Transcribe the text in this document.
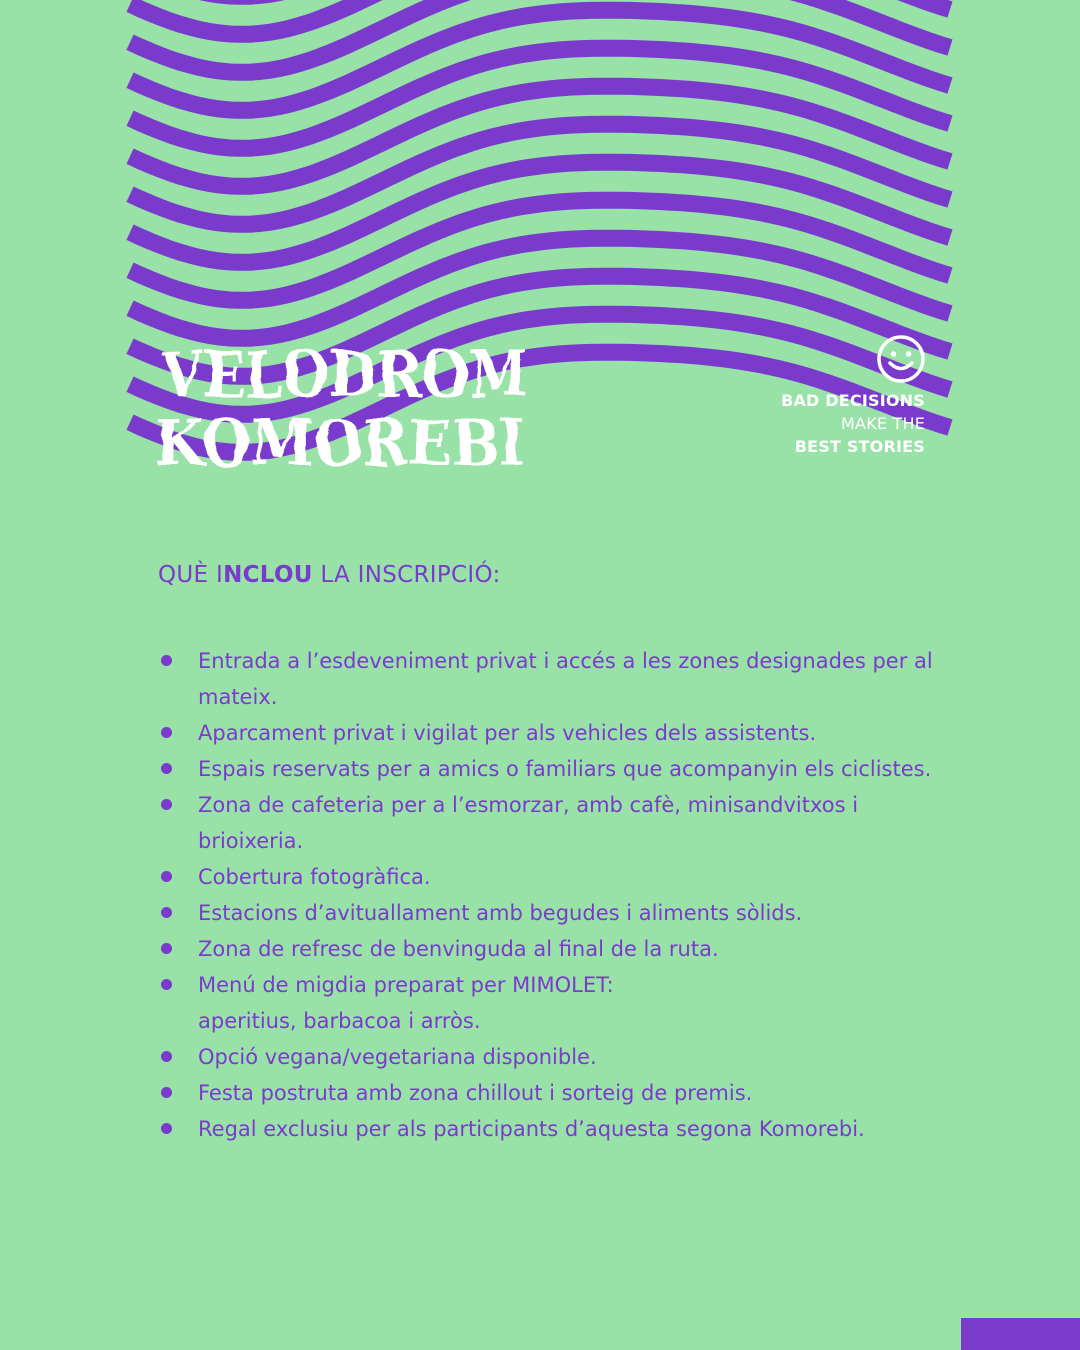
VELODROM
KOMOREBI
BAD DECISIONS
MAKE THE
BEST STORIES
QUÈ INCLOU LA INSCRIPCIÓ:
Entrada a l’esdeveniment privat i accés a les zones designades per al
mateix.
Aparcament privat i vigilat per als vehicles dels assistents.
Espais reservats per a amics o familiars que acompanyin els ciclistes.
Zona de cafeteria per a l’esmorzar, amb cafè, minisandvitxos i
brioixeria.
Cobertura fotogràfica.
Estacions d’avituallament amb begudes i aliments sòlids.
Zona de refresc de benvinguda al final de la ruta.
Menú de migdia preparat per MIMOLET:
aperitius, barbacoa i arròs.
Opció vegana/vegetariana disponible.
Festa postruta amb zona chillout i sorteig de premis.
Regal exclusiu per als participants d’aquesta segona Komorebi.
